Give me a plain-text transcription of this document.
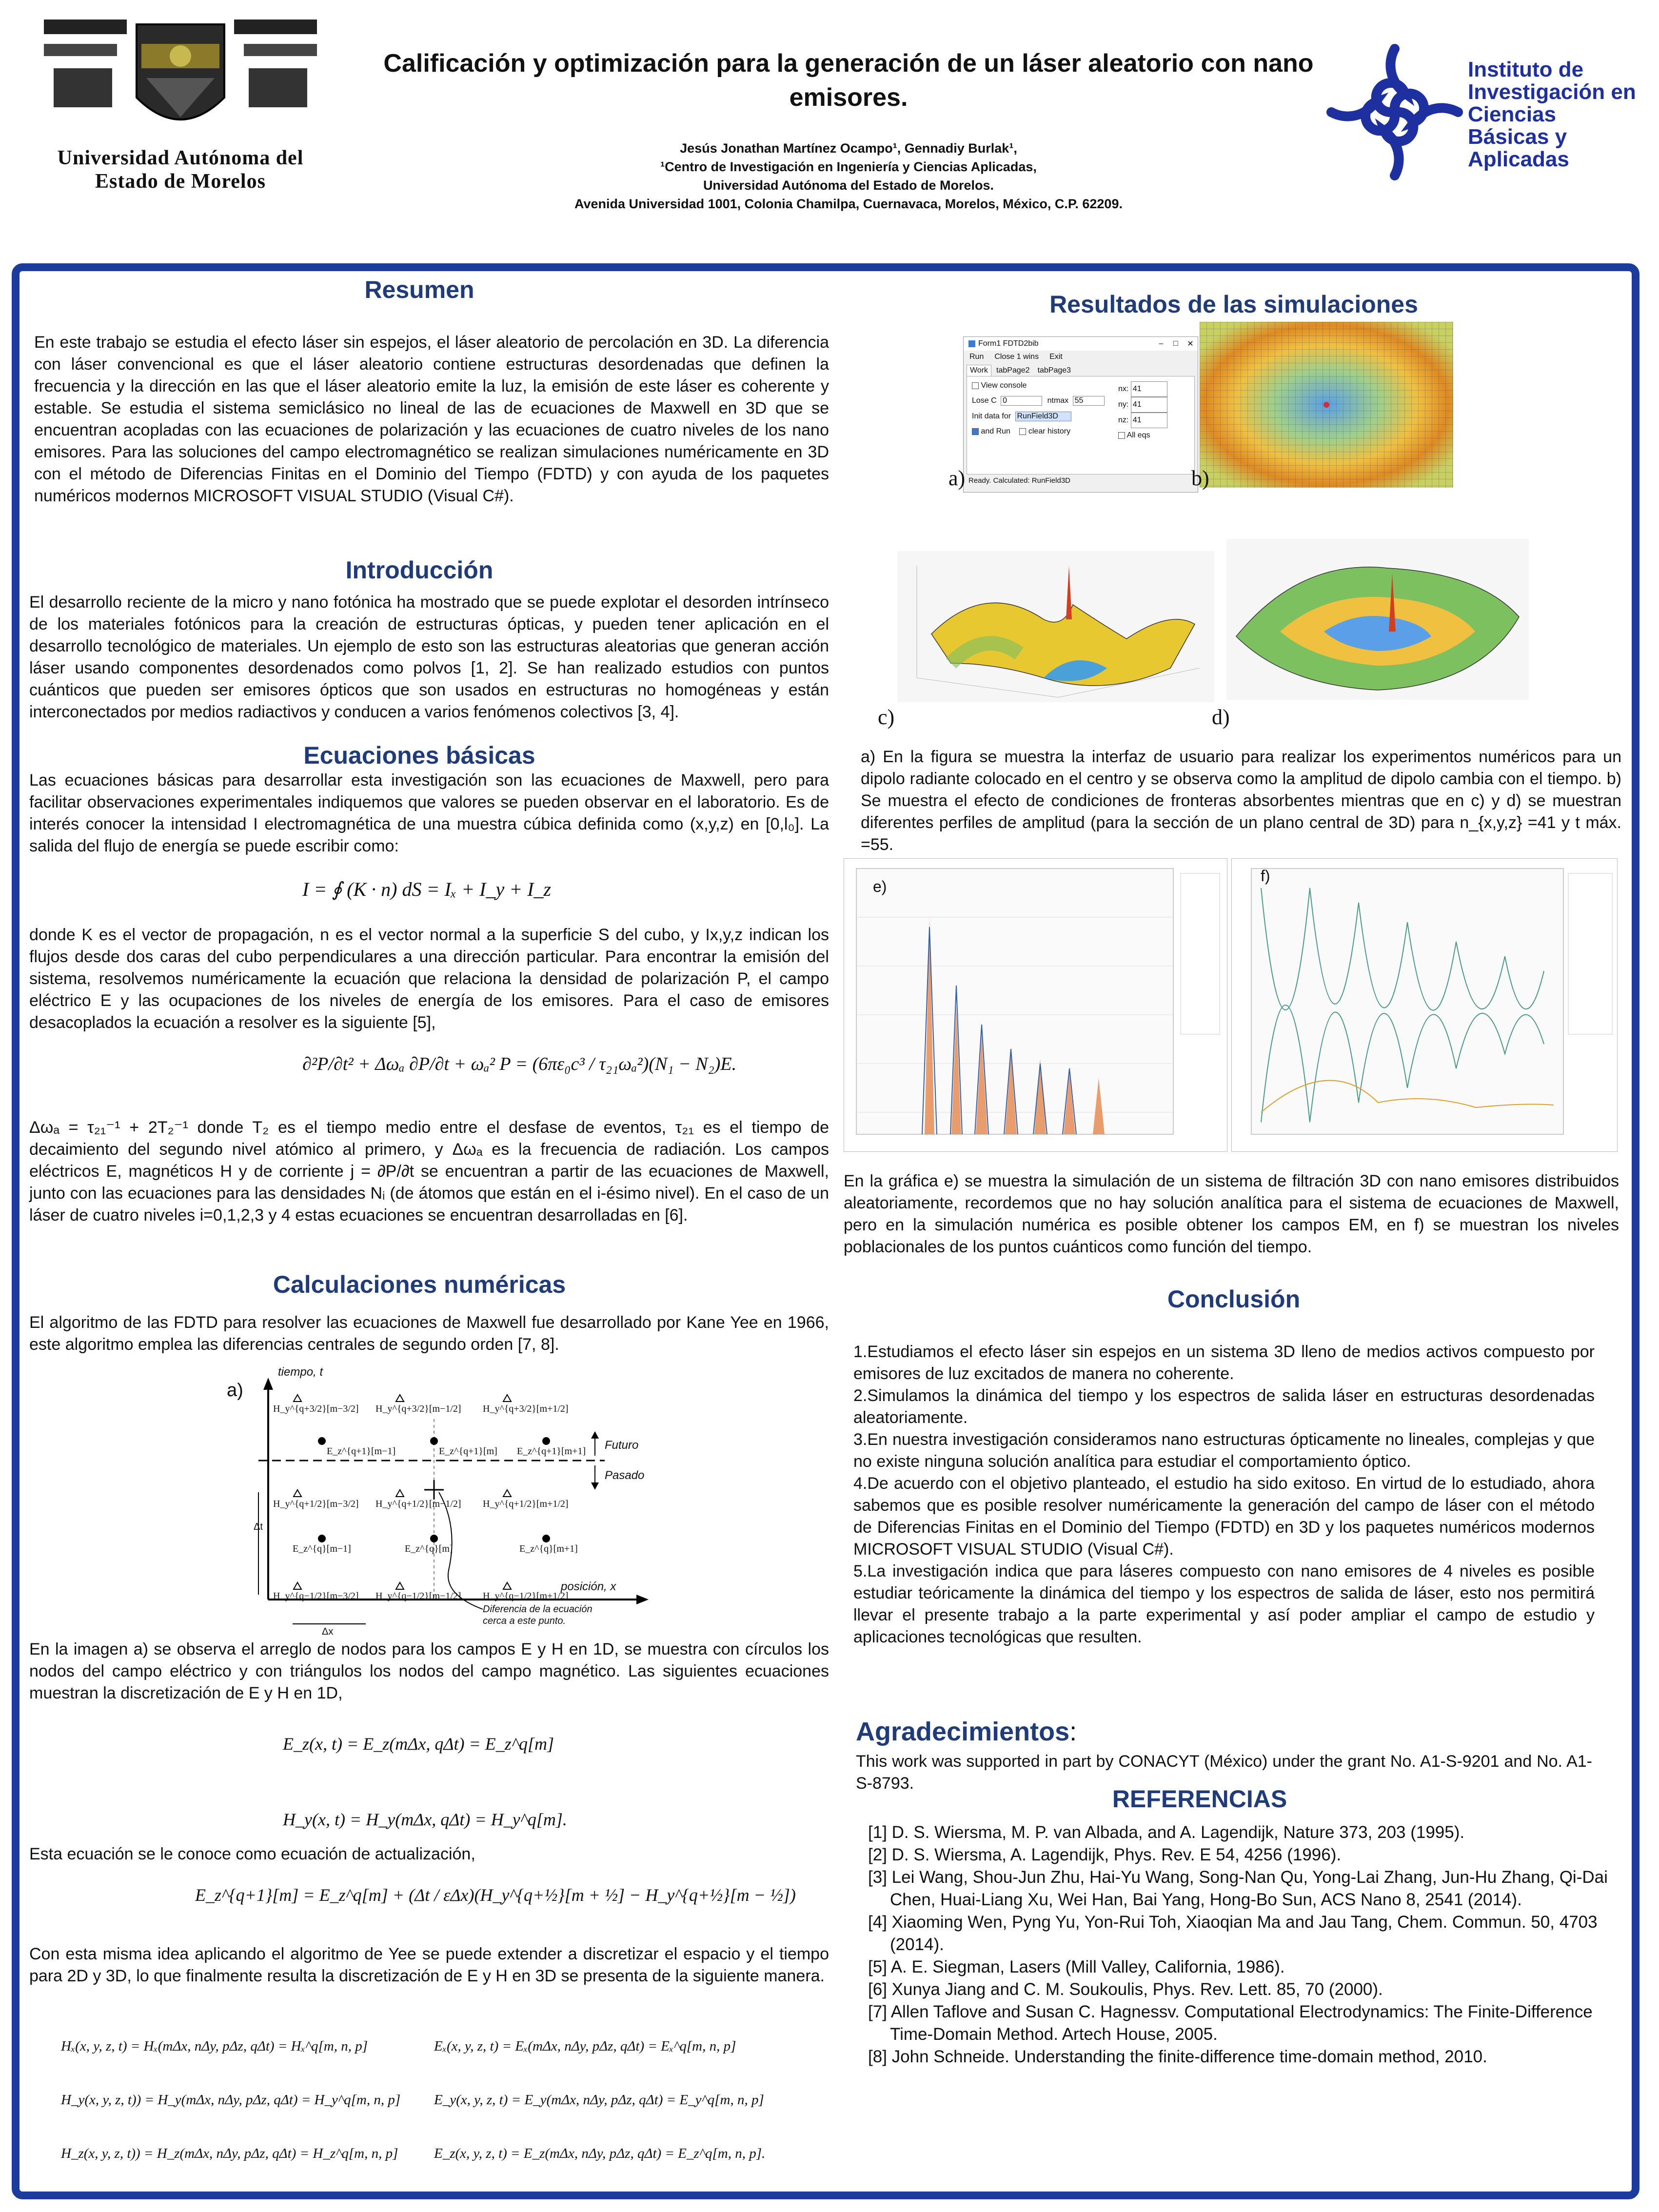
Universidad Autónoma del
Estado de Morelos
Calificación y optimización para la generación de un láser aleatorio con nano emisores.
Jesús Jonathan Martínez Ocampo¹, Gennadiy Burlak¹,
¹Centro de Investigación en Ingeniería y Ciencias Aplicadas,
Universidad Autónoma del Estado de Morelos.
Avenida Universidad 1001, Colonia Chamilpa, Cuernavaca, Morelos, México, C.P. 62209.
Instituto de
Investigación en
Ciencias
Básicas y
Aplicadas
Resumen
En este trabajo se estudia el efecto láser sin espejos, el láser aleatorio de percolación en 3D. La diferencia con láser convencional es que el láser aleatorio contiene estructuras desordenadas que definen la frecuencia y la dirección en las que el láser aleatorio emite la luz, la emisión de este láser es coherente y estable. Se estudia el sistema semiclásico no lineal de las de ecuaciones de Maxwell en 3D que se encuentran acopladas con las ecuaciones de polarización y las ecuaciones de cuatro niveles de los nano emisores. Para las soluciones del campo electromagnético se realizan simulaciones numéricamente en 3D con el método de Diferencias Finitas en el Dominio del Tiempo (FDTD) y con ayuda de los paquetes numéricos modernos MICROSOFT VISUAL STUDIO (Visual C#).
Introducción
El desarrollo reciente de la micro y nano fotónica ha mostrado que se puede explotar el desorden intrínseco de los materiales fotónicos para la creación de estructuras ópticas, y pueden tener aplicación en el desarrollo tecnológico de materiales. Un ejemplo de esto son las estructuras aleatorias que generan acción láser usando componentes desordenados como polvos [1, 2]. Se han realizado estudios con puntos cuánticos que pueden ser emisores ópticos que son usados en estructuras no homogéneas y están interconectados por medios radiactivos y conducen a varios fenómenos colectivos [3, 4].
Ecuaciones básicas
Las ecuaciones básicas para desarrollar esta investigación son las ecuaciones de Maxwell, pero para facilitar observaciones experimentales indiquemos que valores se pueden observar en el laboratorio. Es de interés conocer la intensidad I electromagnética de una muestra cúbica definida como (x,y,z) en [0,l₀]. La salida del flujo de energía se puede escribir como:
I = ∮ (K · n) dS = Iₓ + I_y + I_z
donde K es el vector de propagación, n es el vector normal a la superficie S del cubo, y Ix,y,z indican los flujos desde dos caras del cubo perpendiculares a una dirección particular. Para encontrar la emisión del sistema, resolvemos numéricamente la ecuación que relaciona la densidad de polarización P, el campo eléctrico E y las ocupaciones de los niveles de energía de los emisores. Para el caso de emisores desacoplados la ecuación a resolver es la siguiente [5],
∂²P/∂t² + Δωₐ ∂P/∂t + ωₐ² P = (6πε₀c³ / τ₂₁ωₐ²)(N₁ − N₂)E.
Δωₐ = τ₂₁⁻¹ + 2T₂⁻¹ donde T₂ es el tiempo medio entre el desfase de eventos, τ₂₁ es el tiempo de decaimiento del segundo nivel atómico al primero, y Δωₐ es la frecuencia de radiación. Los campos eléctricos E, magnéticos H y de corriente j = ∂P/∂t se encuentran a partir de las ecuaciones de Maxwell, junto con las ecuaciones para las densidades Nᵢ (de átomos que están en el i-ésimo nivel). En el caso de un láser de cuatro niveles i=0,1,2,3 y 4 estas ecuaciones se encuentran desarrolladas en [6].
Calculaciones numéricas
El algoritmo de las FDTD para resolver las ecuaciones de Maxwell fue desarrollado por Kane Yee en 1966, este algoritmo emplea las diferencias centrales de segundo orden [7, 8].
a)
tiempo, t
Futuro
Pasado
posición, x
Δt
Δx
Diferencia de la ecuación cerca a este punto.
H_y^{q+3/2}[m−3/2] H_y^{q+3/2}[m−1/2] H_y^{q+3/2}[m+1/2]
E_z^{q+1}[m−1]	E_z^{q+1}[m] E_z^{q+1}[m+1]
H_y^{q+1/2}[m−3/2] H_y^{q+1/2}[m−1/2] H_y^{q+1/2}[m+1/2]
E_z^{q}[m−1]	E_z^{q}[m]	E_z^{q}[m+1]
H_y^{q−1/2}[m−3/2] H_y^{q−1/2}[m−1/2] H_y^{q−1/2}[m+1/2]
En la imagen a) se observa el arreglo de nodos para los campos E y H en 1D, se muestra con círculos los nodos del campo eléctrico y con triángulos los nodos del campo magnético. Las siguientes ecuaciones muestran la discretización de E y H en 1D,
E_z(x, t) = E_z(mΔx, qΔt) = E_z^q[m]
H_y(x, t) = H_y(mΔx, qΔt) = H_y^q[m].
Esta ecuación se le conoce como ecuación de actualización,
E_z^{q+1}[m] = E_z^q[m] + (Δt / εΔx)(H_y^{q+½}[m + ½] − H_y^{q+½}[m − ½])
Con esta misma idea aplicando el algoritmo de Yee se puede extender a discretizar el espacio y el tiempo para 2D y 3D, lo que finalmente resulta la discretización de E y H en 3D se presenta de la siguiente manera.
Hₓ(x, y, z, t) = Hₓ(mΔx, nΔy, pΔz, qΔt) = Hₓ^q[m, n, p]	Eₓ(x, y, z, t) = Eₓ(mΔx, nΔy, pΔz, qΔt) = Eₓ^q[m, n, p]
H_y(x, y, z, t)) = H_y(mΔx, nΔy, pΔz, qΔt) = H_y^q[m, n, p] E_y(x, y, z, t) = E_y(mΔx, nΔy, pΔz, qΔt) = E_y^q[m, n, p]
H_z(x, y, z, t)) = H_z(mΔx, nΔy, pΔz, qΔt) = H_z^q[m, n, p]	E_z(x, y, z, t) = E_z(mΔx, nΔy, pΔz, qΔt) = E_z^q[m, n, p].
Resultados de las simulaciones
Form1 FDTD2bib	–	□	✕
Run Close 1 wins Exit
Work	tabPage2	tabPage3
View console
Lose C 0	ntmax 55
Init data for RunField3D
and Run clear history
nx: 41
ny: 41
nz: 41
All eqs
Ready. Calculated: RunField3D
a)	b)
c)	d)
a) En la figura se muestra la interfaz de usuario para realizar los experimentos numéricos para un dipolo radiante colocado en el centro y se observa como la amplitud de dipolo cambia con el tiempo. b) Se muestra el efecto de condiciones de fronteras absorbentes mientras que en c) y d) se muestran diferentes perfiles de amplitud (para la sección de un plano central de 3D) para n_{x,y,z} =41 y t máx. =55.
e)
f)
En la gráfica e) se muestra la simulación de un sistema de filtración 3D con nano emisores distribuidos aleatoriamente, recordemos que no hay solución analítica para el sistema de ecuaciones de Maxwell, pero en la simulación numérica es posible obtener los campos EM, en f) se muestran los niveles poblacionales de los puntos cuánticos como función del tiempo.
Conclusión
1.Estudiamos el efecto láser sin espejos en un sistema 3D lleno de medios activos compuesto por emisores de luz excitados de manera no coherente.
2.Simulamos la dinámica del tiempo y los espectros de salida láser en estructuras desordenadas aleatoriamente.
3.En nuestra investigación consideramos nano estructuras ópticamente no lineales, complejas y que no existe ninguna solución analítica para estudiar el comportamiento óptico.
4.De acuerdo con el objetivo planteado, el estudio ha sido exitoso. En virtud de lo estudiado, ahora sabemos que es posible resolver numéricamente la generación del campo de láser con el método de Diferencias Finitas en el Dominio del Tiempo (FDTD) en 3D y los paquetes numéricos modernos MICROSOFT VISUAL STUDIO (Visual C#).
5.La investigación indica que para láseres compuesto con nano emisores de 4 niveles es posible estudiar teóricamente la dinámica del tiempo y los espectros de salida de láser, esto nos permitirá llevar el presente trabajo a la parte experimental y así poder ampliar el campo de estudio y aplicaciones tecnológicas que resulten.
Agradecimientos:
This work was supported in part by CONACYT (México) under the grant No. A1-S-9201 and No. A1-S-8793.
REFERENCIAS
[1] D. S. Wiersma, M. P. van Albada, and A. Lagendijk, Nature 373, 203 (1995).
[2] D. S. Wiersma, A. Lagendijk, Phys. Rev. E 54, 4256 (1996).
[3] Lei Wang, Shou-Jun Zhu, Hai-Yu Wang, Song-Nan Qu, Yong-Lai Zhang, Jun-Hu Zhang, Qi-Dai Chen, Huai-Liang Xu, Wei Han, Bai Yang, Hong-Bo Sun, ACS Nano 8, 2541 (2014).
[4] Xiaoming Wen, Pyng Yu, Yon-Rui Toh, Xiaoqian Ma and Jau Tang, Chem. Commun. 50, 4703 (2014).
[5] A. E. Siegman, Lasers (Mill Valley, California, 1986).
[6] Xunya Jiang and C. M. Soukoulis, Phys. Rev. Lett. 85, 70 (2000).
[7] Allen Taflove and Susan C. Hagnessv. Computational Electrodynamics: The Finite-Difference Time-Domain Method. Artech House, 2005.
[8] John Schneide. Understanding the finite-difference time-domain method, 2010.
